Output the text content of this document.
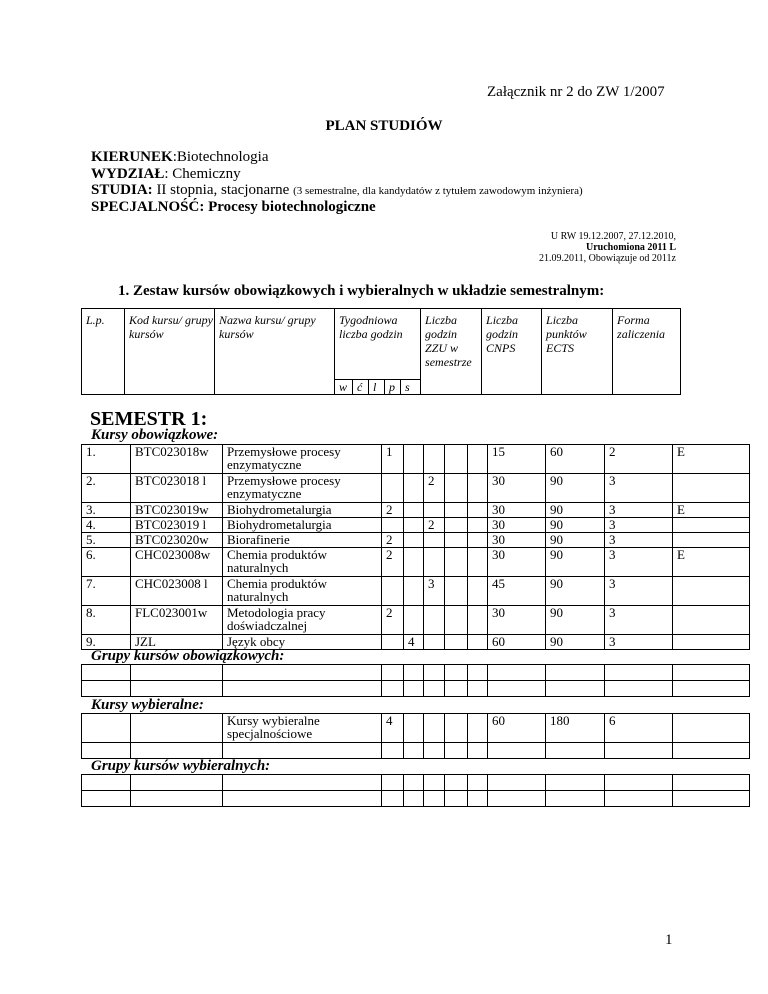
Załącznik nr 2 do ZW 1/2007
PLAN STUDIÓW
KIERUNEK:Biotechnologia
WYDZIAŁ: Chemiczny
STUDIA: II stopnia, stacjonarne (3 semestralne, dla kandydatów z tytułem zawodowym inżyniera)
SPECJALNOŚĆ: Procesy biotechnologiczne
U RW 19.12.2007, 27.12.2010,
Uruchomiona 2011 L
21.09.2011, Obowiązuje od 2011z
1. Zestaw kursów obowiązkowych i wybieralnych w układzie semestralnym:
L.p.	Kod kursu/ grupy kursów	Nazwa kursu/ grupy kursów	Tygodniowa liczba godzin					Liczba godzin ZZU w semestrze	Liczba godzin CNPS	Liczba punktów ECTS	Forma zaliczenia
			w	ć	l	p	s				
SEMESTR 1:
Kursy obowiązkowe:
1.	BTC023018w	Przemysłowe procesy enzymatyczne	1					15	60	2	E
2.	BTC023018 l	Przemysłowe procesy enzymatyczne			2			30	90	3	
3.	BTC023019w	Biohydrometalurgia	2					30	90	3	E
4.	BTC023019 l	Biohydrometalurgia			2			30	90	3	
5.	BTC023020w	Biorafinerie	2					30	90	3	
6.	CHC023008w	Chemia produktów naturalnych	2					30	90	3	E
7.	CHC023008 l	Chemia produktów naturalnych			3			45	90	3	
8.	FLC023001w	Metodologia pracy doświadczalnej	2					30	90	3	
9.	JZL	Język obcy		4				60	90	3	
Grupy kursów obowiązkowych:

Kursy wybieralne:
		Kursy wybieralne specjalnościowe	4					60	180	6	

Grupy kursów wybieralnych:

1
